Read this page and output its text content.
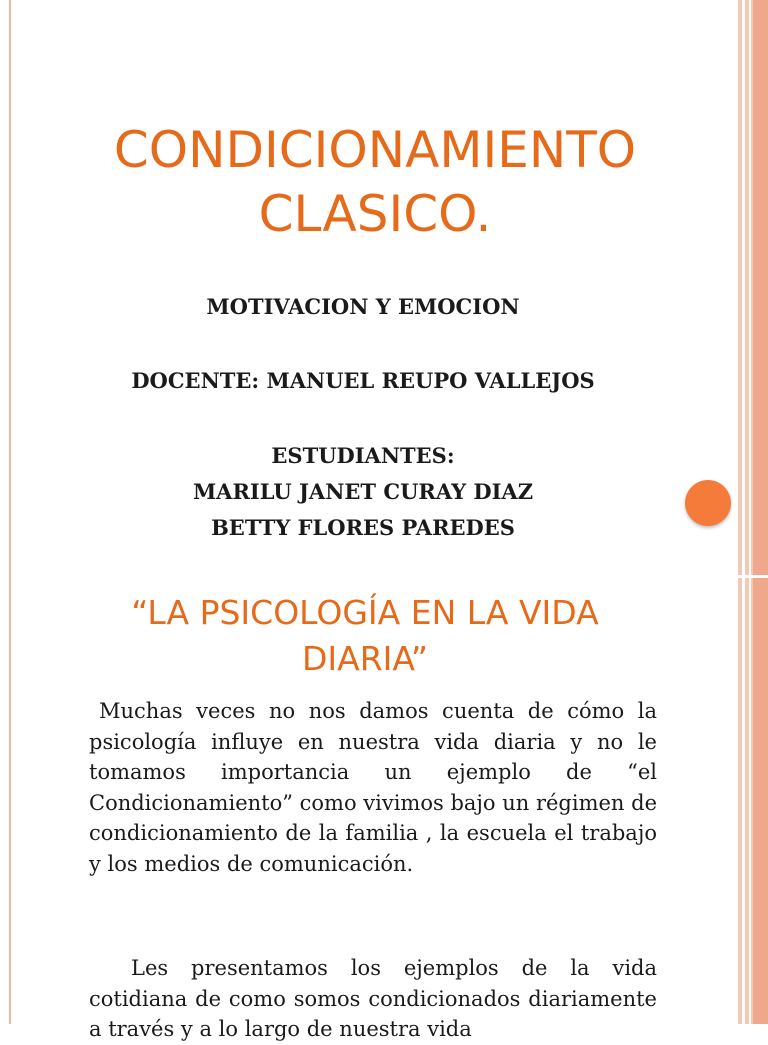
CONDICIONAMIENTO
CLASICO.

MOTIVACION Y EMOCION

DOCENTE: MANUEL REUPO VALLEJOS

ESTUDIANTES:

MARILU JANET CURAY DIAZ

BETTY FLORES PAREDES

“LA PSICOLOGÍA EN LA VIDA
DIARIA”

Muchas veces no nos damos cuenta de cómo la psicología influye en nuestra vida diaria y no le tomamos importancia un ejemplo de “el Condicionamiento” como vivimos bajo un régimen de condicionamiento de la familia , la escuela el trabajo y los medios de comunicación.

Les presentamos los ejemplos de la vida cotidiana de como somos condicionados diariamente a través y a lo largo de nuestra vida
